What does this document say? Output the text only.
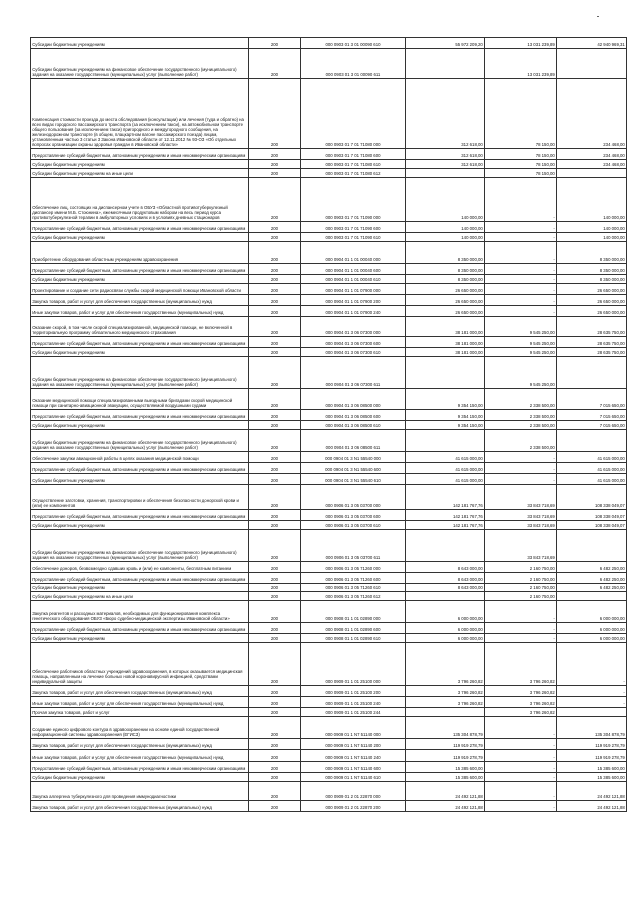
Субсидии бюджетным учреждениям	200	000 0903 01 3 01 00090 610	55 972 209,20	13 031 239,89	42 940 969,31
Субсидии бюджетным учреждениям на финансовое обеспечение государственного (муниципального) задания на оказание государственных (муниципальных) услуг (выполнение работ)	200	000 0903 01 3 01 00090 611		13 031 239,89	
Компенсация стоимости проезда до места обследования (консультации) или лечения (туда и обратно) на всех видах городского пассажирского транспорта (за исключением такси), на автомобильном транспорте общего пользования (за исключением такси) пригородного и междугородного сообщения, на железнодорожном транспорте (в общем, плацкартном вагоне пассажирского поезда) лицам, установленным частью 3 статьи 3 Закона Ивановской области от 12.11.2012 № 93-ОЗ «Об отдельных вопросах организации охраны здоровья граждан в Ивановской области»	200	000 0903 01 7 01 71080 000	312 618,00	78 150,00	234 468,00
Предоставление субсидий бюджетным, автономным учреждениям и иным некоммерческим организациям	200	000 0903 01 7 01 71080 600	312 618,00	78 150,00	234 468,00
Субсидии бюджетным учреждениям	200	000 0903 01 7 01 71080 610	312 618,00	78 150,00	234 468,00
Субсидии бюджетным учреждениям на иные цели	200	000 0903 01 7 01 71080 612		78 150,00	
Обеспечение лиц, состоящих на диспансерном учете в ОБУЗ «Областной противотуберкулезный диспансер имени М.Б. Стоюнина», ежемесячным продуктовым набором на весь период курса противотуберкулезной терапии в амбулаторных условиях и в условиях дневных стационаров	200	000 0903 01 7 01 71090 000	140 000,00	-	140 000,00
Предоставление субсидий бюджетным, автономным учреждениям и иным некоммерческим организациям	200	000 0903 01 7 01 71090 600	140 000,00	-	140 000,00
Субсидии бюджетным учреждениям	200	000 0903 01 7 01 71090 610	140 000,00	-	140 000,00
Приобретение оборудования областным учреждениям здравоохранения	200	000 0904 01 1 01 00040 000	8 350 000,00	-	8 350 000,00
Предоставление субсидий бюджетным, автономным учреждениям и иным некоммерческим организациям	200	000 0904 01 1 01 00040 600	8 350 000,00	-	8 350 000,00
Субсидии бюджетным учреждениям	200	000 0904 01 1 01 00040 610	8 350 000,00	-	8 350 000,00
Проектирование и создание сети радиосвязи службы скорой медицинской помощи Ивановской области	200	000 0904 01 1 01 07900 000	26 650 000,00	-	26 650 000,00
Закупка товаров, работ и услуг для обеспечения государственных (муниципальных) нужд	200	000 0904 01 1 01 07900 200	26 650 000,00	-	26 650 000,00
Иные закупки товаров, работ и услуг для обеспечения государственных (муниципальных) нужд	200	000 0904 01 1 01 07900 240	26 650 000,00	-	26 650 000,00
Оказание скорой, в том числе скорой специализированной, медицинской помощи, не включенной в территориальную программу обязательного медицинского страхования	200	000 0904 01 3 06 07300 000	38 181 000,00	9 545 250,00	28 635 750,00
Предоставление субсидий бюджетным, автономным учреждениям и иным некоммерческим организациям	200	000 0904 01 3 06 07300 600	38 181 000,00	9 545 250,00	28 635 750,00
Субсидии бюджетным учреждениям	200	000 0904 01 3 06 07300 610	38 181 000,00	9 545 250,00	28 635 750,00
Субсидии бюджетным учреждениям на финансовое обеспечение государственного (муниципального) задания на оказание государственных (муниципальных) услуг (выполнение работ)	200	000 0904 01 3 06 07300 611		9 545 250,00	
Оказание медицинской помощи специализированными выездными бригадами скорой медицинской помощи при санитарно-авиационной эвакуации, осуществляемой воздушными судами	200	000 0904 01 3 06 08500 000	9 354 150,00	2 338 500,00	7 015 650,00
Предоставление субсидий бюджетным, автономным учреждениям и иным некоммерческим организациям	200	000 0904 01 3 06 08500 600	9 354 150,00	2 338 500,00	7 015 650,00
Субсидии бюджетным учреждениям	200	000 0904 01 3 06 08500 610	9 354 150,00	2 338 500,00	7 015 650,00
Субсидии бюджетным учреждениям на финансовое обеспечение государственного (муниципального) задания на оказание государственных (муниципальных) услуг (выполнение работ)	200	000 0904 01 3 06 08500 611		2 338 500,00	
Обеспечение закупки авиационной работы в целях оказания медицинской помощи	200	000 0904 01 3 N1 55540 000	41 615 000,00	-	41 615 000,00
Предоставление субсидий бюджетным, автономным учреждениям и иным некоммерческим организациям	200	000 0904 01 3 N1 55540 600	41 615 000,00	-	41 615 000,00
Субсидии бюджетным учреждениям	200	000 0904 01 3 N1 55540 610	41 615 000,00	-	41 615 000,00
Осуществление заготовки, хранения, транспортировки и обеспечения безопасности донорской крови и (или) ее компонентов	200	000 0906 01 3 05 03700 000	142 181 767,76	33 843 718,69	108 338 049,07
Предоставление субсидий бюджетным, автономным учреждениям и иным некоммерческим организациям	200	000 0906 01 3 05 03700 600	142 181 767,76	33 843 718,69	108 338 049,07
Субсидии бюджетным учреждениям	200	000 0906 01 3 05 03700 610	142 181 767,76	33 843 718,69	108 338 049,07
Субсидии бюджетным учреждениям на финансовое обеспечение государственного (муниципального) задания на оказание государственных (муниципальных) услуг (выполнение работ)	200	000 0906 01 3 05 03700 611		33 843 718,69	
Обеспечение доноров, безвозмездно сдавших кровь и (или) ее компоненты, бесплатным питанием	200	000 0906 01 3 05 71260 000	8 643 000,00	2 160 750,00	6 482 250,00
Предоставление субсидий бюджетным, автономным учреждениям и иным некоммерческим организациям	200	000 0906 01 3 05 71260 600	8 643 000,00	2 160 750,00	6 482 250,00
Субсидии бюджетным учреждениям	200	000 0906 01 3 05 71260 610	8 643 000,00	2 160 750,00	6 482 250,00
Субсидии бюджетным учреждениям на иные цели	200	000 0906 01 3 05 71260 612		2 160 750,00	
Закупка реагентов и расходных материалов, необходимых для функционирования комплекса генетического оборудования ОБУЗ «Бюро судебно-медицинской экспертизы Ивановской области»	200	000 0908 01 1 01 02890 000	6 000 000,00	-	6 000 000,00
Предоставление субсидий бюджетным, автономным учреждениям и иным некоммерческим организациям	200	000 0908 01 1 01 02890 600	6 000 000,00	-	6 000 000,00
Субсидии бюджетным учреждениям	200	000 0908 01 1 01 02890 610	6 000 000,00	-	6 000 000,00
Обеспечение работников областных учреждений здравоохранения, в которых оказывается медицинская помощь, направленным на лечение больных новой коронавирусной инфекцией, средствами индивидуальной защиты	200	000 0909 01 1 01 25100 000	3 796 260,82	3 796 260,82	-
Закупка товаров, работ и услуг для обеспечения государственных (муниципальных) нужд	200	000 0909 01 1 01 25100 200	3 796 260,82	3 796 260,82	-
Иные закупки товаров, работ и услуг для обеспечения государственных (муниципальных) нужд	200	000 0909 01 1 01 25100 240	3 796 260,82	3 796 260,82	-
Прочая закупка товаров, работ и услуг	200	000 0909 01 1 01 25100 244		3 796 260,82	
Создание единого цифрового контура в здравоохранении на основе единой государственной информационной системы здравоохранения (ЕГИСЗ)	200	000 0909 01 1 N7 51140 000	135 304 878,79	-	135 304 878,79
Закупка товаров, работ и услуг для обеспечения государственных (муниципальных) нужд	200	000 0909 01 1 N7 51140 200	119 919 278,79	-	119 919 278,79
Иные закупки товаров, работ и услуг для обеспечения государственных (муниципальных) нужд	200	000 0909 01 1 N7 51140 240	119 919 278,79	-	119 919 278,79
Предоставление субсидий бюджетным, автономным учреждениям и иным некоммерческим организациям	200	000 0909 01 1 N7 51140 600	15 385 600,00	-	15 385 600,00
Субсидии бюджетным учреждениям	200	000 0909 01 1 N7 51140 610	15 385 600,00	-	15 385 600,00
Закупка аллергена туберкулезного для проведения иммунодиагностики	200	000 0909 01 2 01 22870 000	24 492 121,88	-	24 492 121,88
Закупка товаров, работ и услуг для обеспечения государственных (муниципальных) нужд	200	000 0909 01 2 01 22870 200	24 492 121,88	-	24 492 121,88
